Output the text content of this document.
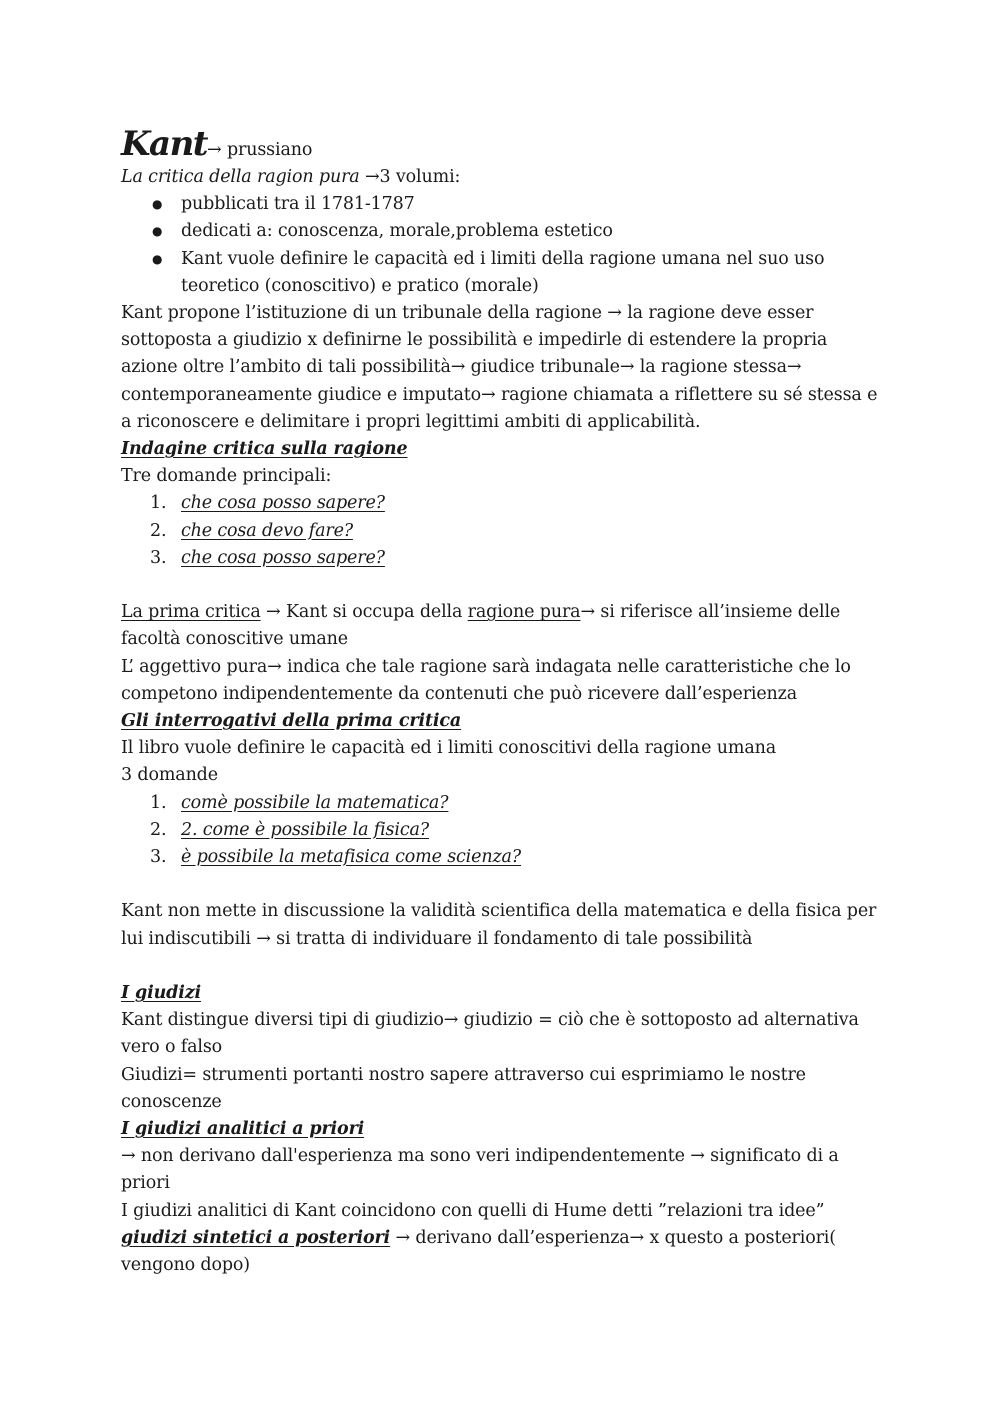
Kant→ prussiano

La critica della ragion pura →3 volumi:

● pubblicati tra il 1781-1787
● dedicati a: conoscenza, morale,problema estetico
● Kant vuole definire le capacità ed i limiti della ragione umana nel suo uso teoretico (conoscitivo) e pratico (morale)

Kant propone l’istituzione di un tribunale della ragione → la ragione deve esser

sottoposta a giudizio x definirne le possibilità e impedirle di estendere la propria

azione oltre l’ambito di tali possibilità→ giudice tribunale→ la ragione stessa→

contemporaneamente giudice e imputato→ ragione chiamata a riflettere su sé stessa e

a riconoscere e delimitare i propri legittimi ambiti di applicabilità.

Indagine critica sulla ragione

Tre domande principali:

1. che cosa posso sapere?
2. che cosa devo fare?
3. che cosa posso sapere?

La prima critica → Kant si occupa della ragione pura→ si riferisce all’insieme delle

facoltà conoscitive umane

L’ aggettivo pura→ indica che tale ragione sarà indagata nelle caratteristiche che lo

competono indipendentemente da contenuti che può ricevere dall’esperienza

Gli interrogativi della prima critica

Il libro vuole definire le capacità ed i limiti conoscitivi della ragione umana

3 domande

1. comè possibile la matematica?
2. 2. come è possibile la fisica?
3. è possibile la metafisica come scienza?

Kant non mette in discussione la validità scientifica della matematica e della fisica per

lui indiscutibili → si tratta di individuare il fondamento di tale possibilità

I giudizi

Kant distingue diversi tipi di giudizio→ giudizio = ciò che è sottoposto ad alternativa

vero o falso

Giudizi= strumenti portanti nostro sapere attraverso cui esprimiamo le nostre

conoscenze

I giudizi analitici a priori

→ non derivano dall'esperienza ma sono veri indipendentemente → significato di a

priori

I giudizi analitici di Kant coincidono con quelli di Hume detti ”relazioni tra idee”

giudizi sintetici a posteriori → derivano dall’esperienza→ x questo a posteriori(

vengono dopo)
